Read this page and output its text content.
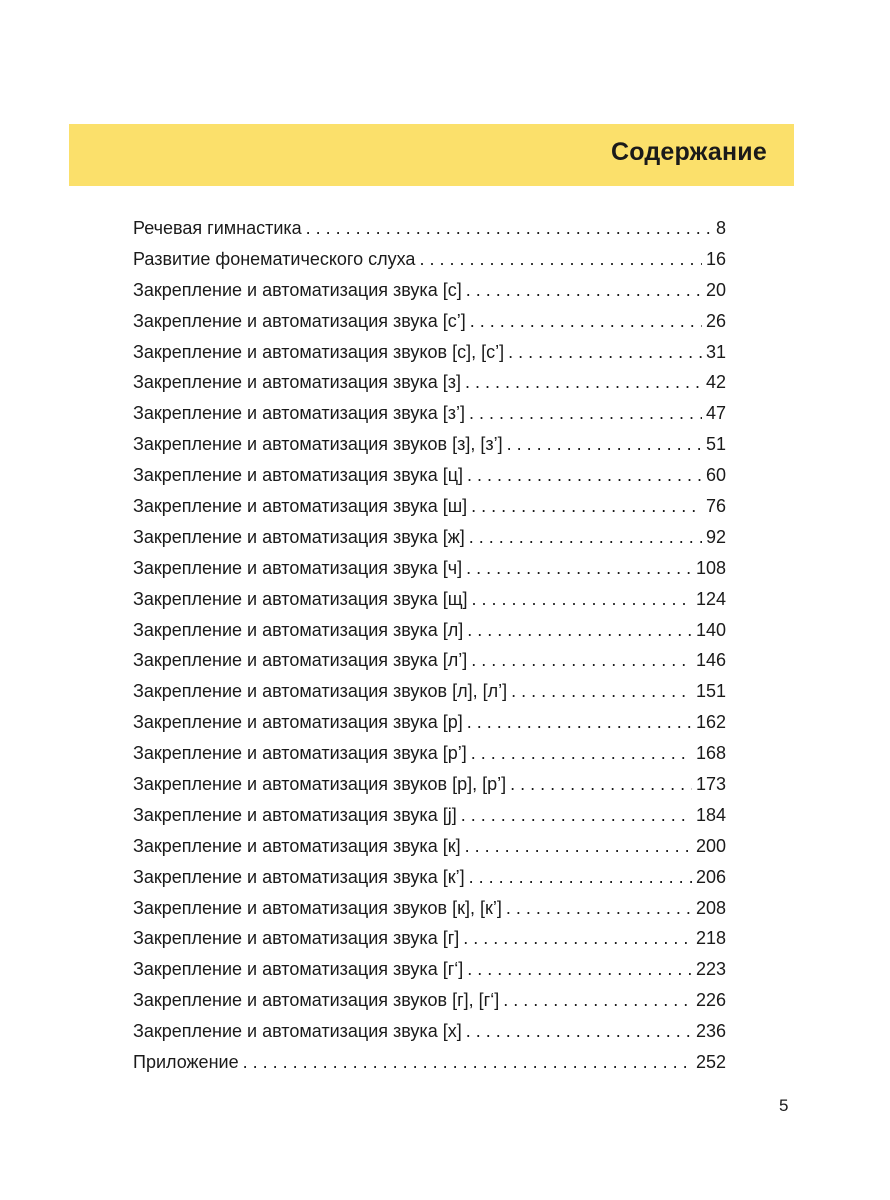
Содержание
Речевая гимнастика . . .	8
Развитие фонематического слуха . . .	16
Закрепление и автоматизация звука [с] . . .	20
Закрепление и автоматизация звука [с’] . . .	26
Закрепление и автоматизация звуков [с], [с’] . . .	31
Закрепление и автоматизация звука [з] . . .	42
Закрепление и автоматизация звука [з’] . . .	47
Закрепление и автоматизация звуков [з], [з’] . . .	51
Закрепление и автоматизация звука [ц] . . .	60
Закрепление и автоматизация звука [ш] . . .	76
Закрепление и автоматизация звука [ж] . . .	92
Закрепление и автоматизация звука [ч] . . .	108
Закрепление и автоматизация звука [щ] . . .	124
Закрепление и автоматизация звука [л] . . .	140
Закрепление и автоматизация звука [л’] . . .	146
Закрепление и автоматизация звуков [л], [л’] . . .	151
Закрепление и автоматизация звука [р] . . .	162
Закрепление и автоматизация звука [р’] . . .	168
Закрепление и автоматизация звуков [р], [р’] . . .	173
Закрепление и автоматизация звука [j] . . .	184
Закрепление и автоматизация звука [к] . . .	200
Закрепление и автоматизация звука [к’] . . .	206
Закрепление и автоматизация звуков [к], [к’] . . .	208
Закрепление и автоматизация звука [г] . . .	218
Закрепление и автоматизация звука [г‘] . . .	223
Закрепление и автоматизация звуков [г], [г‘] . . .	226
Закрепление и автоматизация звука [х] . . .	236
Приложение . . .	252
5
